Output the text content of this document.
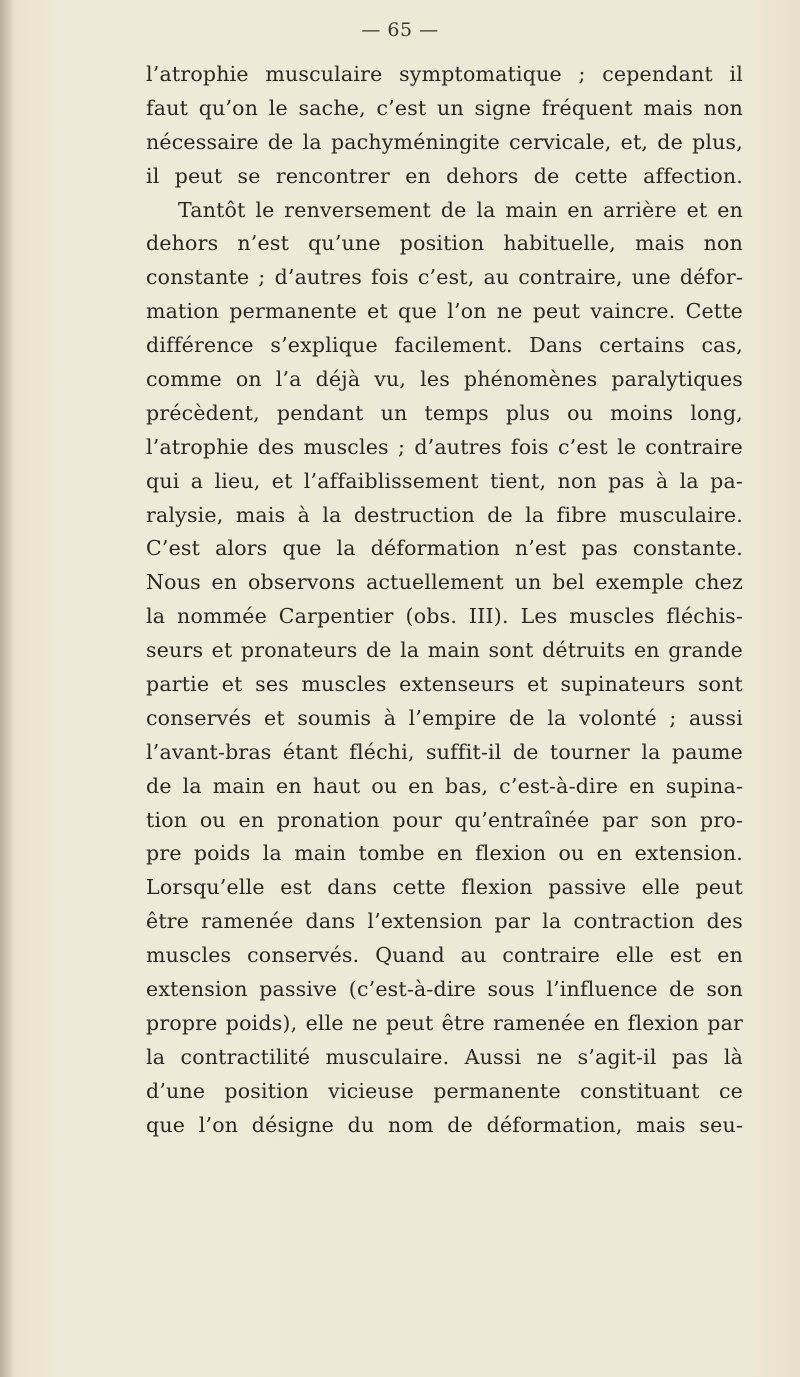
— 65 —
l’atrophie musculaire symptomatique ; cependant il
faut qu’on le sache, c’est un signe fréquent mais non
nécessaire de la pachyméningite cervicale, et, de plus,
il peut se rencontrer en dehors de cette affection.
Tantôt le renversement de la main en arrière et en
dehors n’est qu’une position habituelle, mais non
constante ; d’autres fois c’est, au contraire, une défor-
mation permanente et que l’on ne peut vaincre. Cette
différence s’explique facilement. Dans certains cas,
comme on l’a déjà vu, les phénomènes paralytiques
précèdent, pendant un temps plus ou moins long,
l’atrophie des muscles ; d’autres fois c’est le contraire
qui a lieu, et l’affaiblissement tient, non pas à la pa-
ralysie, mais à la destruction de la fibre musculaire.
C’est alors que la déformation n’est pas constante.
Nous en observons actuellement un bel exemple chez
la nommée Carpentier (obs. III). Les muscles fléchis-
seurs et pronateurs de la main sont détruits en grande
partie et ses muscles extenseurs et supinateurs sont
conservés et soumis à l’empire de la volonté ; aussi
l’avant-bras étant fléchi, suffit-il de tourner la paume
de la main en haut ou en bas, c’est-à-dire en supina-
tion ou en pronation pour qu’entraînée par son pro-
pre poids la main tombe en flexion ou en extension.
Lorsqu’elle est dans cette flexion passive elle peut
être ramenée dans l’extension par la contraction des
muscles conservés. Quand au contraire elle est en
extension passive (c’est-à-dire sous l’influence de son
propre poids), elle ne peut être ramenée en flexion par
la contractilité musculaire. Aussi ne s’agit-il pas là
d’une position vicieuse permanente constituant ce
que l’on désigne du nom de déformation, mais seu-
